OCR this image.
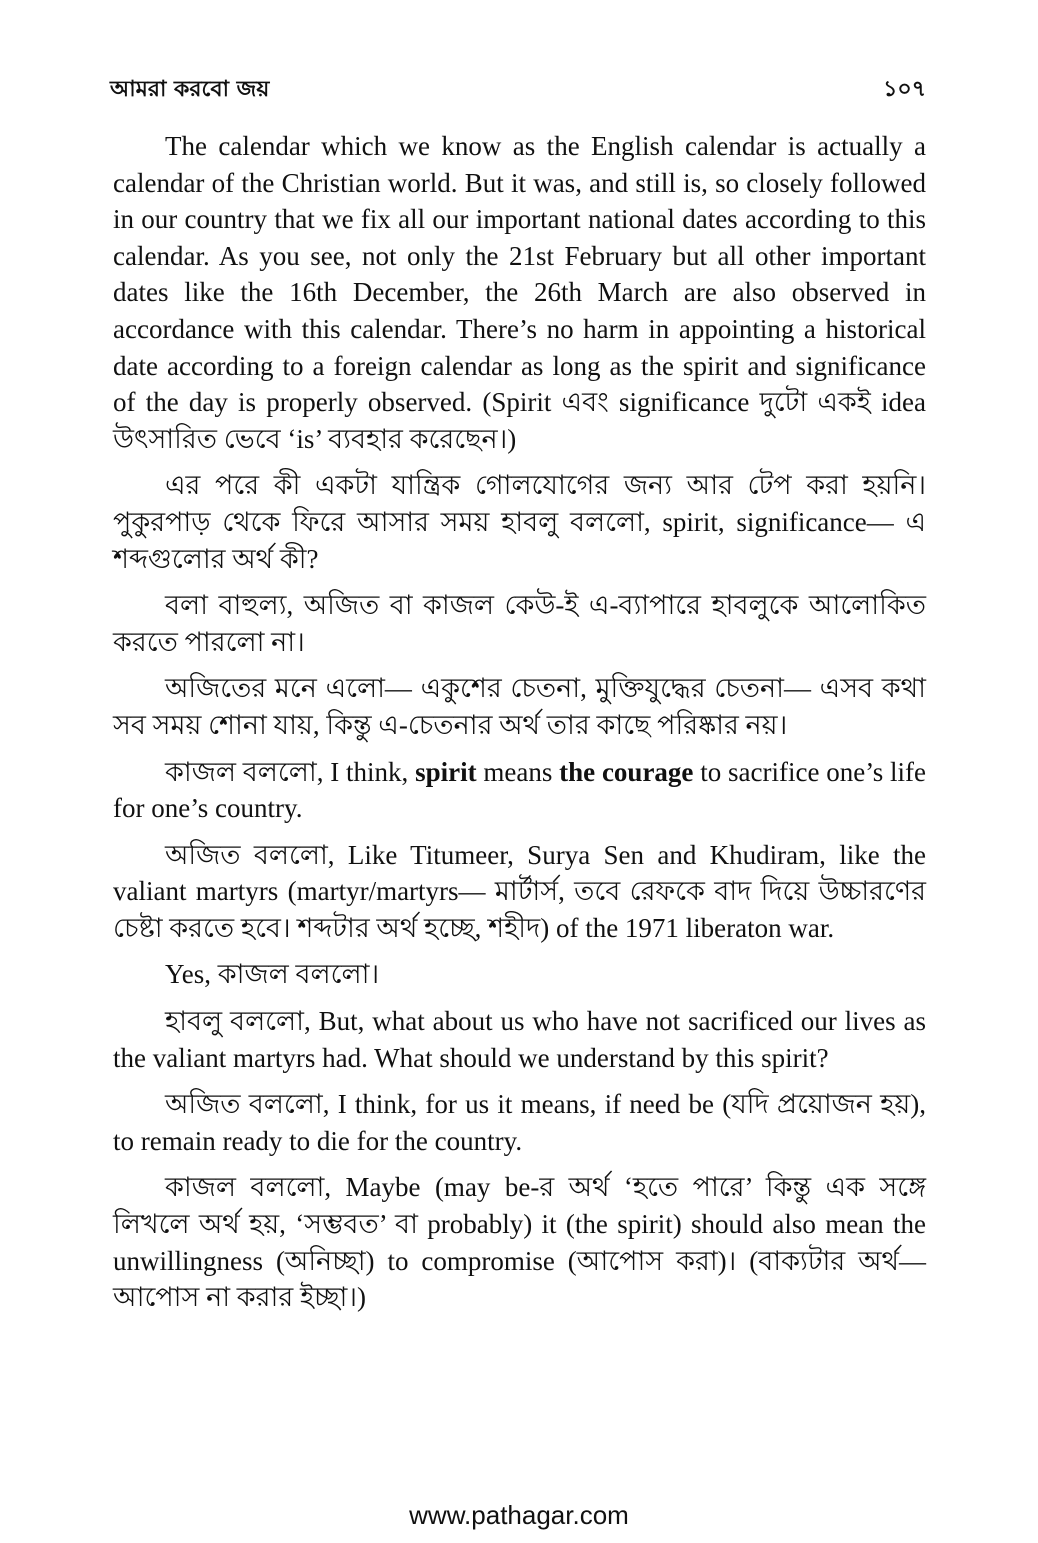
আমরা করবো জয়	১০৭

The calendar which we know as the English calendar is actually a calendar of the Christian world. But it was, and still is, so closely followed in our country that we fix all our important national dates according to this calendar. As you see, not only the 21st February but all other important dates like the 16th December, the 26th March are also observed in accordance with this calendar. There’s no harm in appointing a historical date according to a foreign calendar as long as the spirit and significance of the day is properly observed. (Spirit এবং significance দুটো একই idea উৎসারিত ভেবে ‘is’ ব্যবহার করেছেন।)

এর পরে কী একটা যান্ত্রিক গোলযোগের জন্য আর টেপ করা হয়নি। পুকুরপাড় থেকে ফিরে আসার সময় হাবলু বললো, spirit, significance— এ শব্দগুলোর অর্থ কী?

বলা বাহুল্য, অজিত বা কাজল কেউ-ই এ-ব্যাপারে হাবলুকে আলোকিত করতে পারলো না।

অজিতের মনে এলো— একুশের চেতনা, মুক্তিযুদ্ধের চেতনা— এসব কথা সব সময় শোনা যায়, কিন্তু এ-চেতনার অর্থ তার কাছে পরিষ্কার নয়।

কাজল বললো, I think, spirit means the courage to sacrifice one’s life for one’s country.

অজিত বললো, Like Titumeer, Surya Sen and Khudiram, like the valiant martyrs (martyr/martyrs— মার্টার্স, তবে রেফকে বাদ দিয়ে উচ্চারণের চেষ্টা করতে হবে। শব্দটার অর্থ হচ্ছে, শহীদ) of the 1971 liberaton war.

Yes, কাজল বললো।

হাবলু বললো, But, what about us who have not sacrificed our lives as the valiant martyrs had. What should we understand by this spirit?

অজিত বললো, I think, for us it means, if need be (যদি প্রয়োজন হয়), to remain ready to die for the country.

কাজল বললো, Maybe (may be-র অর্থ ‘হতে পারে’ কিন্তু এক সঙ্গে লিখলে অর্থ হয়, ‘সম্ভবত’ বা probably) it (the spirit) should also mean the unwillingness (অনিচ্ছা) to compromise (আপোস করা)। (বাক্যটার অর্থ— আপোস না করার ইচ্ছা।)

www.pathagar.com
